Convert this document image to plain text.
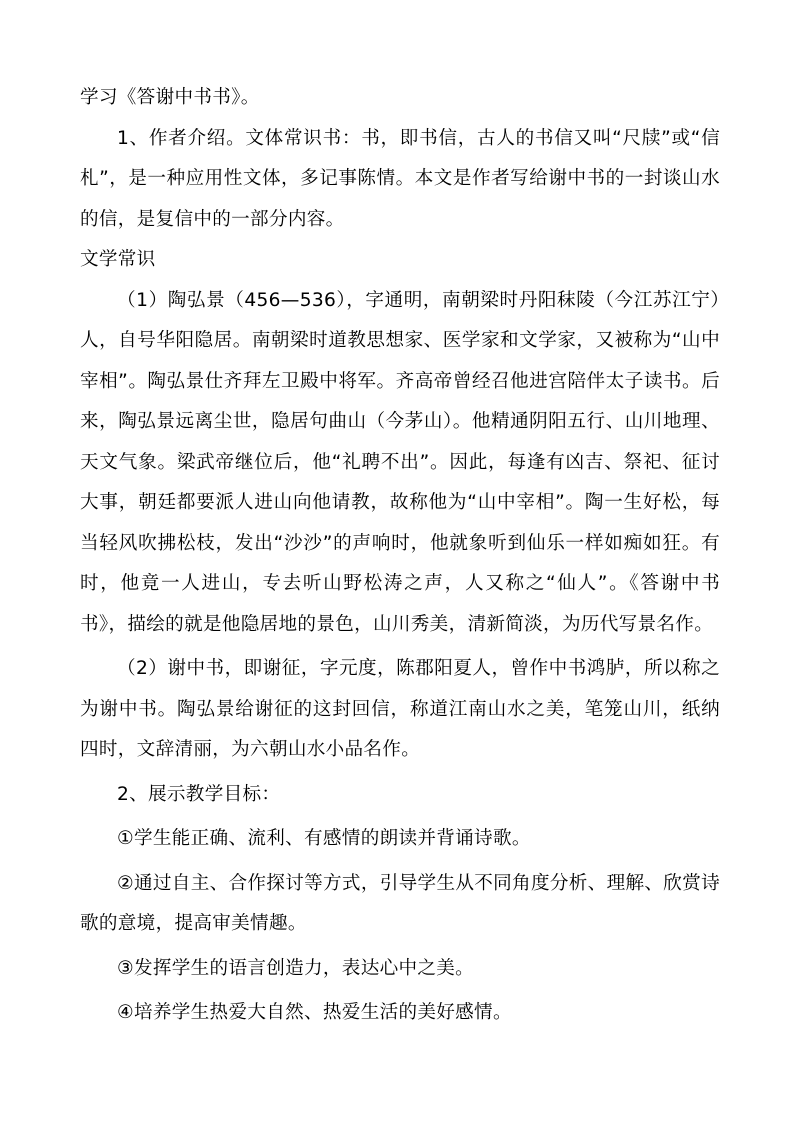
学习《答谢中书书》。

1、作者介绍。文体常识书：书，即书信，古人的书信又叫“尺牍”或“信札”，是一种应用性文体，多记事陈情。本文是作者写给谢中书的一封谈山水的信，是复信中的一部分内容。

文学常识

（1）陶弘景（456—536），字通明，南朝梁时丹阳秣陵（今江苏江宁）人，自号华阳隐居。南朝梁时道教思想家、医学家和文学家，又被称为“山中宰相”。陶弘景仕齐拜左卫殿中将军。齐高帝曾经召他进宫陪伴太子读书。后来，陶弘景远离尘世，隐居句曲山（今茅山）。他精通阴阳五行、山川地理、天文气象。梁武帝继位后，他“礼聘不出”。因此，每逢有凶吉、祭祀、征讨大事，朝廷都要派人进山向他请教，故称他为“山中宰相”。陶一生好松，每当轻风吹拂松枝，发出“沙沙”的声响时，他就象听到仙乐一样如痴如狂。有时，他竟一人进山，专去听山野松涛之声，人又称之“仙人”。《答谢中书书》，描绘的就是他隐居地的景色，山川秀美，清新简淡，为历代写景名作。

（2）谢中书，即谢征，字元度，陈郡阳夏人，曾作中书鸿胪，所以称之为谢中书。陶弘景给谢征的这封回信，称道江南山水之美，笔笼山川，纸纳四时，文辞清丽，为六朝山水小品名作。

2、展示教学目标：

①学生能正确、流利、有感情的朗读并背诵诗歌。

②通过自主、合作探讨等方式，引导学生从不同角度分析、理解、欣赏诗歌的意境，提高审美情趣。

③发挥学生的语言创造力，表达心中之美。

④培养学生热爱大自然、热爱生活的美好感情。
